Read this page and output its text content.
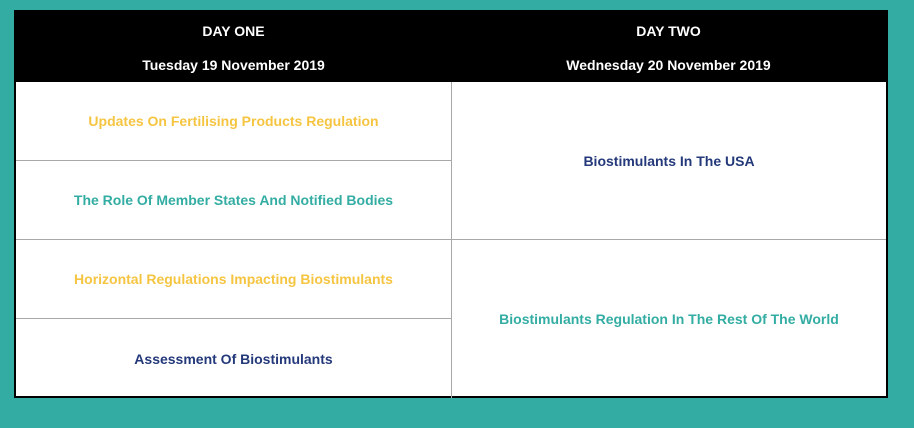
DAY ONE
Tuesday 19 November 2019
DAY TWO
Wednesday 20 November 2019
Updates On Fertilising Products Regulation
The Role Of Member States And Notified Bodies
Horizontal Regulations Impacting Biostimulants
Assessment Of Biostimulants
Biostimulants In The USA
Biostimulants Regulation In The Rest Of The World
